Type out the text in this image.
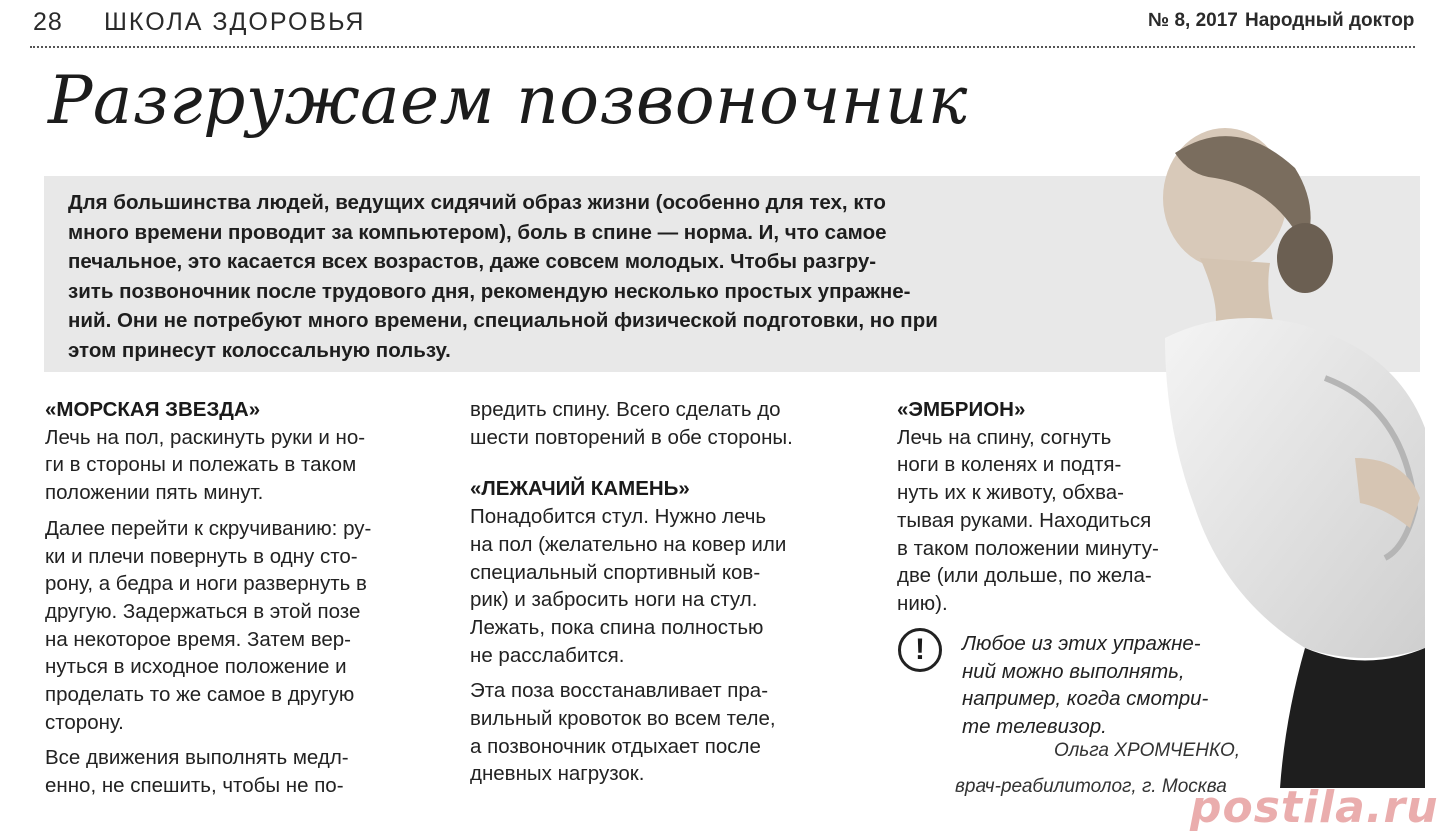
28 ШКОЛА ЗДОРОВЬЯ	№ 8, 2017 Народный доктор
Разгружаем позвоночник
Для большинства людей, ведущих сидячий образ жизни (особенно для тех, кто
много времени проводит за компьютером), боль в спине — норма. И, что самое
печальное, это касается всех возрастов, даже совсем молодых. Чтобы разгру-
зить позвоночник после трудового дня, рекомендую несколько простых упражне-
ний. Они не потребуют много времени, специальной физической подготовки, но при
этом принесут колоссальную пользу.
«МОРСКАЯ ЗВЕЗДА»
Лечь на пол, раскинуть руки и но-
ги в стороны и полежать в таком
положении пять минут.
Далее перейти к скручиванию: ру-
ки и плечи повернуть в одну сто-
рону, а бедра и ноги развернуть в
другую. Задержаться в этой позе
на некоторое время. Затем вер-
нуться в исходное положение и
проделать то же самое в другую
сторону.
Все движения выполнять медл-
енно, не спешить, чтобы не по-
вредить спину. Всего сделать до
шести повторений в обе стороны.
«ЛЕЖАЧИЙ КАМЕНЬ»
Понадобится стул. Нужно лечь
на пол (желательно на ковер или
специальный спортивный ков-
рик) и забросить ноги на стул.
Лежать, пока спина полностью
не расслабится.
Эта поза восстанавливает пра-
вильный кровоток во всем теле,
а позвоночник отдыхает после
дневных нагрузок.
«ЭМБРИОН»
Лечь на спину, согнуть
ноги в коленях и подтя-
нуть их к животу, обхва-
тывая руками. Находиться
в таком положении минуту-
две (или дольше, по жела-
нию).
!	Любое из этих упражне-
ний можно выполнять,
например, когда смотри-
те телевизор.
Ольга ХРОМЧЕНКО,
врач-реабилитолог, г. Москва
postila.ru
